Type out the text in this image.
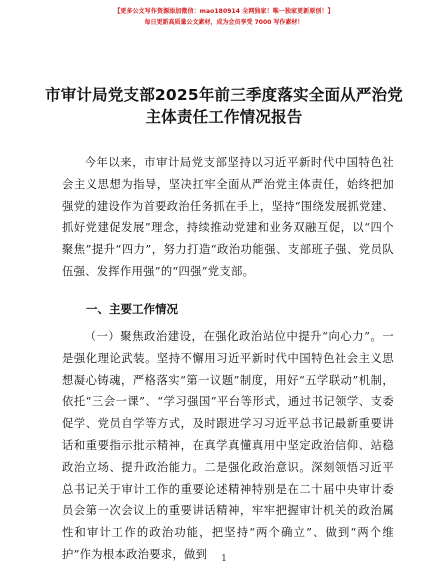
【更多公文写作资源添加微信：mao180914 全网独家！唯一独家更新原创！】
每日更新高质量公文素材，成为会员享受 7000 写作素材！
市审计局党支部2025年前三季度落实全面从严治党主体责任工作情况报告

今年以来，市审计局党支部坚持以习近平新时代中国特色社会主义思想为指导，坚决扛牢全面从严治党主体责任，始终把加强党的建设作为首要政治任务抓在手上，坚持“围绕发展抓党建、抓好党建促发展”理念，持续推动党建和业务双融互促，以“四个聚焦”提升“四力”，努力打造“政治功能强、支部班子强、党员队伍强、发挥作用强”的“四强”党支部。

一、主要工作情况

（一）聚焦政治建设，在强化政治站位中提升“向心力”。一是强化理论武装。坚持不懈用习近平新时代中国特色社会主义思想凝心铸魂，严格落实“第一议题”制度，用好“五学联动”机制，依托“三会一课”、“学习强国”平台等形式，通过书记领学、支委促学、党员自学等方式，及时跟进学习习近平总书记最新重要讲话和重要指示批示精神，在真学真懂真用中坚定政治信仰、站稳政治立场、提升政治能力。二是强化政治意识。深刻领悟习近平总书记关于审计工作的重要论述精神特别是在二十届中央审计委员会第一次会议上的重要讲话精神，牢牢把握审计机关的政治属性和审计工作的政治功能，把坚持“两个确立”、做到“两个维护”作为根本政治要求，做到	1
